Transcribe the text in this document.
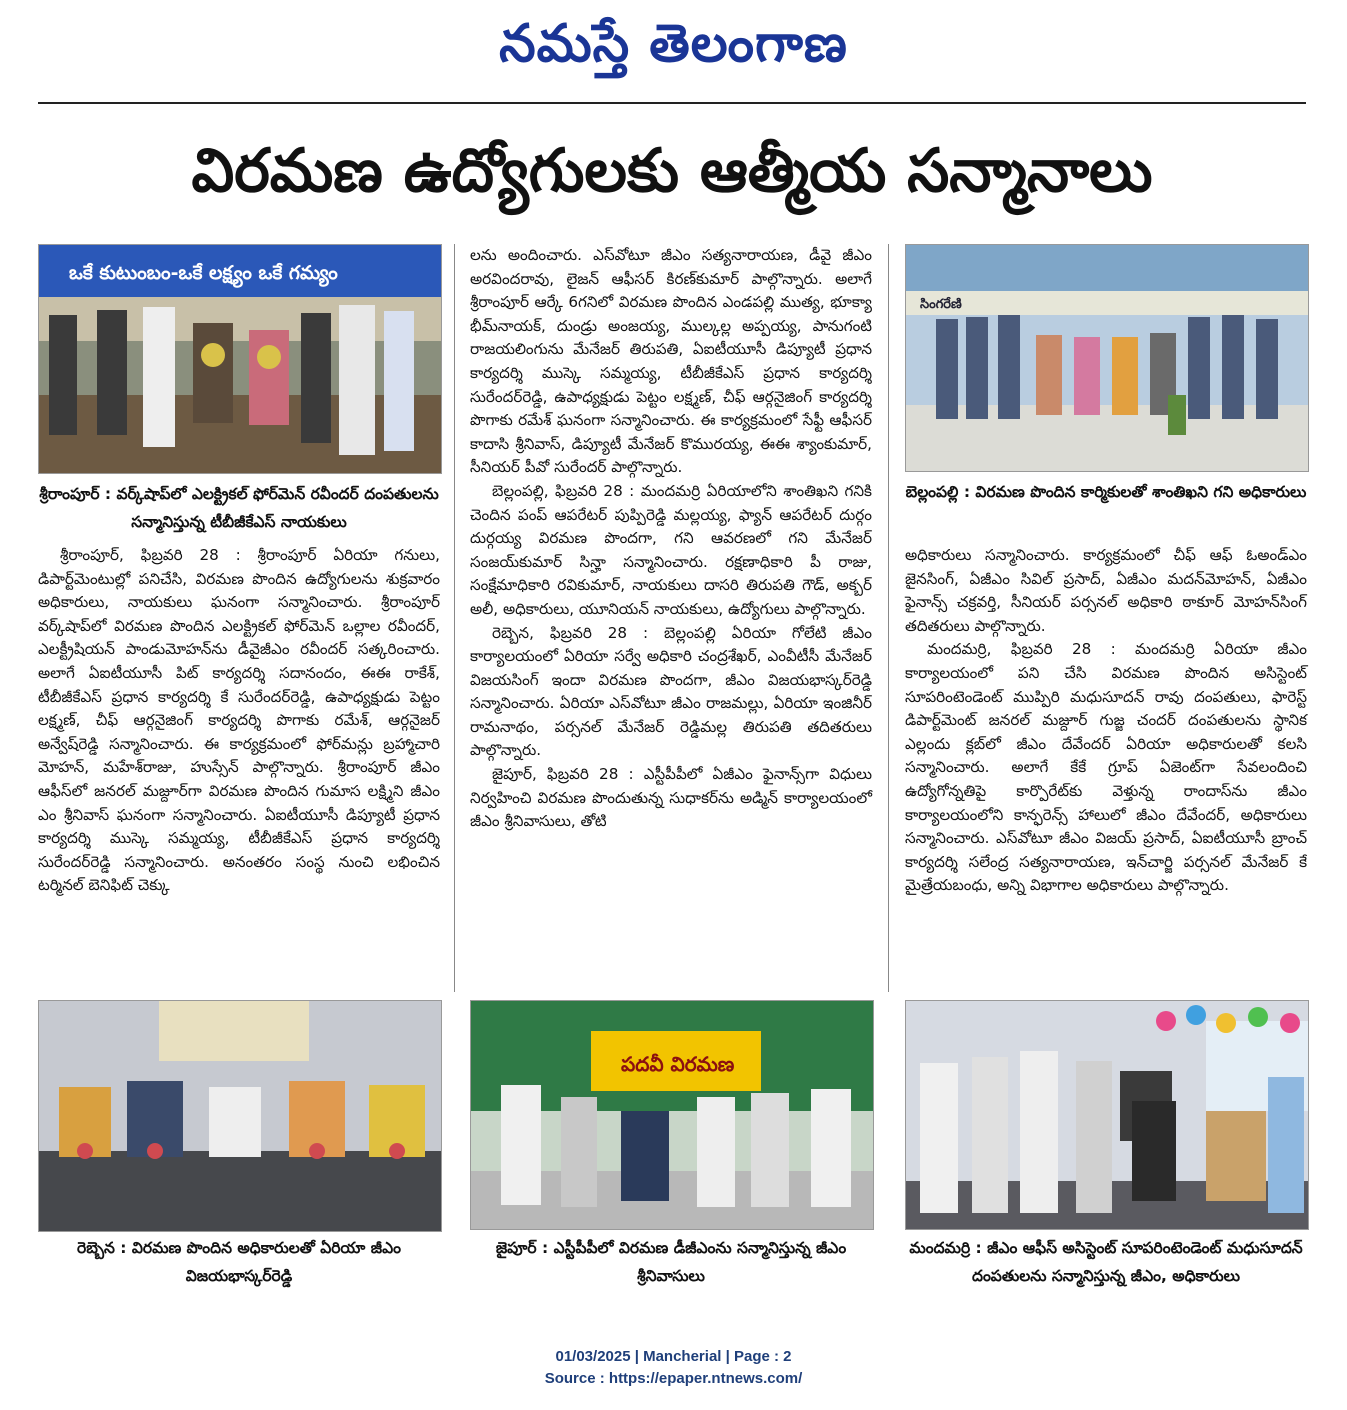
నమస్తే తెలంగాణ
విరమణ ఉద్యోగులకు ఆత్మీయ సన్మానాలు
ఒకే కుటుంబం-ఒకే లక్ష్యం ఒకే గమ్యం
శ్రీరాంపూర్ : వర్క్‌షాప్‌లో ఎలక్ట్రికల్ ఫోర్‌మెన్ రవీందర్ దంపతులను సన్మానిస్తున్న టీబీజీకేఎస్ నాయకులు
సింగరేణి
బెల్లంపల్లి : విరమణ పొందిన కార్మికులతో శాంతిఖని గని అధికారులు

శ్రీరాంపూర్, ఫిబ్రవరి 28 : శ్రీరాంపూర్ ఏరియా గనులు, డిపార్ట్‌మెంటుల్లో పనిచేసి, విరమణ పొందిన ఉద్యోగులను శుక్రవారం అధికారులు, నాయకులు ఘనంగా సన్మానించారు. శ్రీరాంపూర్ వర్క్‌షాప్‌లో విరమణ పొందిన ఎలక్ట్రికల్ ఫోర్‌మెన్ ఒల్లాల రవీందర్, ఎలక్ట్రీషియన్ పాండుమోహన్‌ను డీవైజీఎం రవీందర్ సత్కరించారు. అలాగే ఏఐటీయూసీ పిట్ కార్యదర్శి సదానందం, ఈఈ రాకేశ్, టీబీజీకేఎస్ ప్రధాన కార్యదర్శి కే సురేందర్‌రెడ్డి, ఉపాధ్యక్షుడు పెట్టం లక్ష్మణ్, చీఫ్ ఆర్గనైజింగ్ కార్యదర్శి పొగాకు రమేశ్, ఆర్గనైజర్ అన్వేష్‌రెడ్డి సన్మానించారు. ఈ కార్యక్రమంలో ఫోర్‌మన్లు బ్రహ్మాచారి మోహన్, మహేశ్‌రాజు, హుస్సేన్ పాల్గొన్నారు. శ్రీరాంపూర్ జీఎం ఆఫీస్‌లో జనరల్ మజ్దూర్‌గా విరమణ పొందిన గుమాస లక్ష్మిని జీఎం ఎం శ్రీనివాస్ ఘనంగా సన్మానించారు. ఏఐటీయూసీ డిప్యూటీ ప్రధాన కార్యదర్శి ముస్కె సమ్మయ్య, టీబీజీకేఎస్ ప్రధాన కార్యదర్శి సురేందర్‌రెడ్డి సన్మానించారు. అనంతరం సంస్థ నుంచి లభించిన టర్మినల్ బెనిఫిట్ చెక్కు

లను అందించారు. ఎస్‌వోటూ జీఎం సత్యనారాయణ, డీవై జీఎం అరవిందరావు, లైజన్ ఆఫీసర్ కిరణ్‌కుమార్ పాల్గొన్నారు. అలాగే శ్రీరాంపూర్ ఆర్కే 6గనిలో విరమణ పొందిన ఎండపల్లి ముత్య, భూక్యా భీమ్‌నాయక్, దుండ్రు అంజయ్య, ముల్కల్ల అప్పయ్య, పానుగంటి రాజయలింగును మేనేజర్ తిరుపతి, ఏఐటీయూసీ డిప్యూటీ ప్రధాన కార్యదర్శి ముస్కె సమ్మయ్య, టీబీజీకేఎస్ ప్రధాన కార్యదర్శి సురేందర్‌రెడ్డి, ఉపాధ్యక్షుడు పెట్టం లక్ష్మణ్, చీఫ్ ఆర్గనైజింగ్ కార్యదర్శి పొగాకు రమేశ్ ఘనంగా సన్మానించారు. ఈ కార్యక్రమంలో సేఫ్టీ ఆఫీసర్ కాదాసి శ్రీనివాస్, డిప్యూటీ మేనేజర్ కొమురయ్య, ఈఈ శ్యాంకుమార్, సీనియర్ పీవో సురేందర్ పాల్గొన్నారు.

బెల్లంపల్లి, ఫిబ్రవరి 28 : మందమర్రి ఏరియాలోని శాంతిఖని గనికి చెందిన పంప్ ఆపరేటర్ పుప్పిరెడ్డి మల్లయ్య, ఫ్యాన్ ఆపరేటర్ దుర్గం దుర్గయ్య విరమణ పొందగా, గని ఆవరణలో గని మేనేజర్ సంజయ్‌కుమార్ సిన్హా సన్మానించారు. రక్షణాధికారి పీ రాజు, సంక్షేమాధికారి రవికుమార్, నాయకులు దాసరి తిరుపతి గౌడ్, అక్బర్ అలీ, అధికారులు, యూనియన్ నాయకులు, ఉద్యోగులు పాల్గొన్నారు.

రెబ్బెన, ఫిబ్రవరి 28 : బెల్లంపల్లి ఏరియా గోలేటి జీఎం కార్యాలయంలో ఏరియా సర్వే అధికారి చంద్రశేఖర్, ఎంవీటీసీ మేనేజర్ విజయసింగ్ ఇందా విరమణ పొందగా, జీఎం విజయభాస్కర్‌రెడ్డి సన్మానించారు. ఏరియా ఎస్‌వోటూ జీఎం రాజమల్లు, ఏరియా ఇంజినీర్ రామనాథం, పర్సనల్ మేనేజర్ రెడ్డిమల్ల తిరుపతి తదితరులు పాల్గొన్నారు.

జైపూర్, ఫిబ్రవరి 28 : ఎస్టీపీపీలో ఏజీఎం ఫైనాన్స్‌గా విధులు నిర్వహించి విరమణ పొందుతున్న సుధాకర్‌ను అడ్మిన్ కార్యాలయంలో జీఎం శ్రీనివాసులు, తోటి

అధికారులు సన్మానించారు. కార్యక్రమంలో చీఫ్ ఆఫ్ ఓఅండ్ఎం జైనసింగ్, ఏజీఎం సివిల్ ప్రసాద్, ఏజీఎం మదన్‌మోహన్, ఏజీఎం ఫైనాన్స్ చక్రవర్తి, సీనియర్ పర్సనల్ అధికారి ఠాకూర్ మోహన్‌సింగ్ తదితరులు పాల్గొన్నారు.

మందమర్రి, ఫిబ్రవరి 28 : మందమర్రి ఏరియా జీఎం కార్యాలయంలో పని చేసి విరమణ పొందిన అసిస్టెంట్ సూపరింటెండెంట్ ముప్పిరి మధుసూదన్ రావు దంపతులు, ఫారెస్ట్ డిపార్ట్‌మెంట్ జనరల్ మజ్దూర్ గుజ్జ చందర్ దంపతులను స్థానిక ఎల్లందు క్లబ్‌లో జీఎం దేవేందర్ ఏరియా అధికారులతో కలసి సన్మానించారు. అలాగే కేకే గ్రూప్ ఏజెంట్‌గా సేవలందించి ఉద్యోగోన్నతిపై కార్పొరేట్‌కు వెళ్తున్న రాందాస్‌ను జీఎం కార్యాలయంలోని కాన్ఫరెన్స్ హాలులో జీఎం దేవేందర్, అధికారులు సన్మానించారు. ఎస్‌వోటూ జీఎం విజయ్ ప్రసాద్, ఏఐటీయూసీ బ్రాంచ్ కార్యదర్శి సలేంద్ర సత్యనారాయణ, ఇన్‌చార్జి పర్సనల్ మేనేజర్ కే మైత్రేయబంధు, అన్ని విభాగాల అధికారులు పాల్గొన్నారు.

రెబ్బెన : విరమణ పొందిన అధికారులతో ఏరియా జీఎం విజయభాస్కర్‌రెడ్డి
పదవీ విరమణ
జైపూర్ : ఎస్టీపీపీలో విరమణ డీజీఎంను సన్మానిస్తున్న జీఎం శ్రీనివాసులు
మందమర్రి : జీఎం ఆఫీస్ అసిస్టెంట్ సూపరింటెండెంట్ మధుసూదన్ దంపతులను సన్మానిస్తున్న జీఎం, అధికారులు
01/03/2025 | Mancherial | Page : 2
Source : https://epaper.ntnews.com/
